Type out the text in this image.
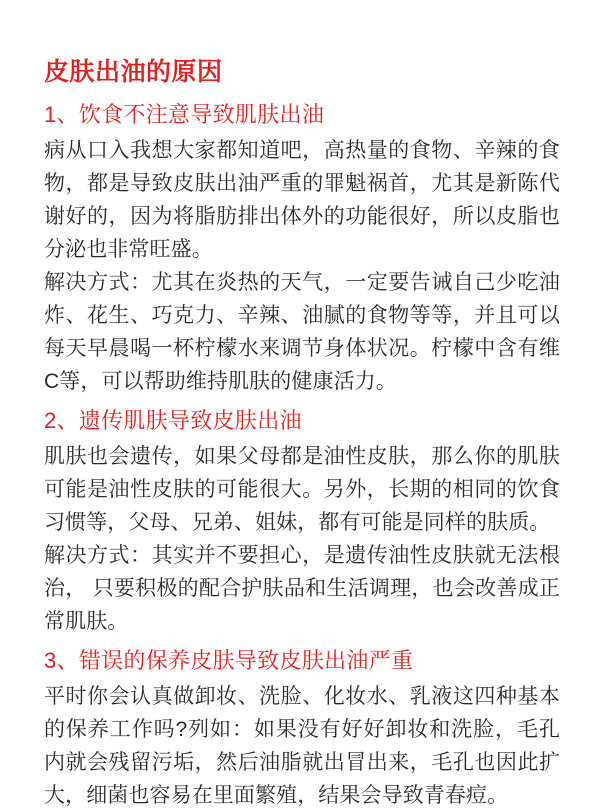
皮肤出油的原因
1、饮食不注意导致肌肤出油

病从口入我想大家都知道吧，高热量的食物、辛辣的食物，都是导致皮肤出油严重的罪魁祸首，尤其是新陈代谢好的，因为将脂肪排出体外的功能很好，所以皮脂也分泌也非常旺盛。

解决方式：尤其在炎热的天气，一定要告诫自己少吃油炸、花生、巧克力、辛辣、油腻的食物等等，并且可以每天早晨喝一杯柠檬水来调节身体状况。柠檬中含有维C等，可以帮助维持肌肤的健康活力。

2、遗传肌肤导致皮肤出油

肌肤也会遗传，如果父母都是油性皮肤，那么你的肌肤可能是油性皮肤的可能很大。另外，长期的相同的饮食习惯等，父母、兄弟、姐妹，都有可能是同样的肤质。

解决方式：其实并不要担心，是遗传油性皮肤就无法根治， 只要积极的配合护肤品和生活调理，也会改善成正常肌肤。

3、错误的保养皮肤导致皮肤出油严重

平时你会认真做卸妆、洗脸、化妆水、乳液这四种基本的保养工作吗?列如：如果没有好好卸妆和洗脸，毛孔内就会残留污垢，然后油脂就出冒出来，毛孔也因此扩大，细菌也容易在里面繁殖，结果会导致青春痘。
